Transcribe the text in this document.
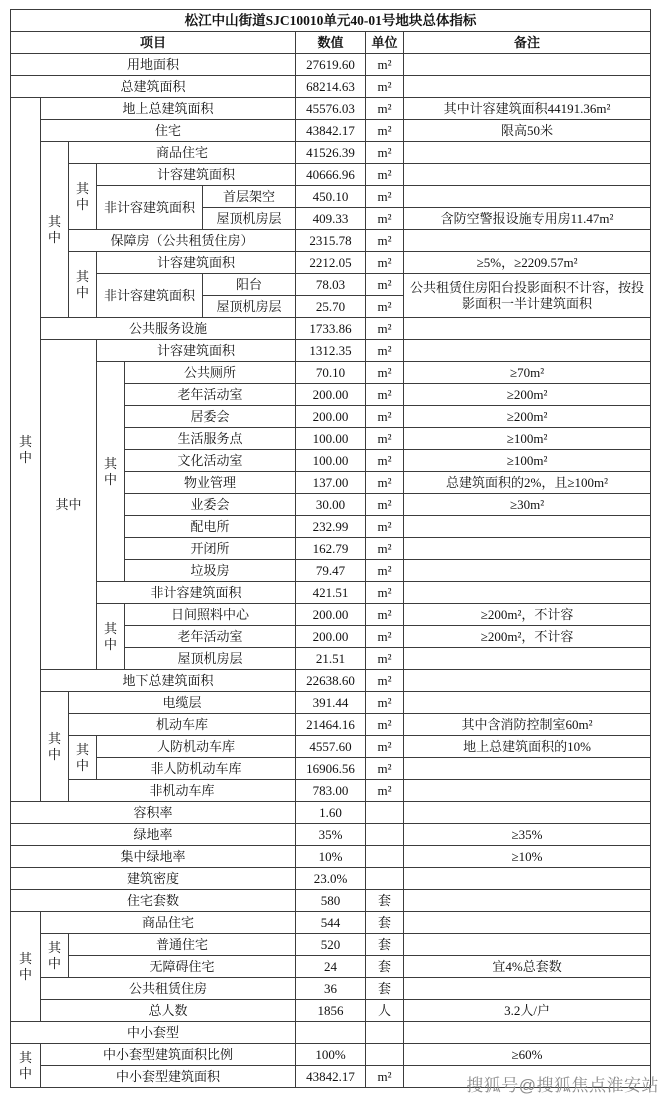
松江中山街道SJC10010单元40-01号地块总体指标								
项目						数值	单位	备注
用地面积						27619.60	m²	
总建筑面积						68214.63	m²	
其中	地上总建筑面积					45576.03	m²	其中计容建筑面积44191.36m²
	住宅					43842.17	m²	限高50米
	其中	商品住宅				41526.39	m²	
		其中	计容建筑面积			40666.96	m²	
			非计容建筑面积		首层架空	450.10	m²	
					屋顶机房层	409.33	m²	含防空警报设施专用房11.47m²
		保障房（公共租赁住房）				2315.78	m²	
		其中	计容建筑面积			2212.05	m²	≥5%，≥2209.57m²
			非计容建筑面积		阳台	78.03	m²	公共租赁住房阳台投影面积不计容，按投影面积一半计建筑面积
					屋顶机房层	25.70	m²	
	公共服务设施					1733.86	m²	
	其中		计容建筑面积			1312.35	m²	
			其中	公共厕所		70.10	m²	≥70m²
				老年活动室		200.00	m²	≥200m²
				居委会		200.00	m²	≥200m²
				生活服务点		100.00	m²	≥100m²
				文化活动室		100.00	m²	≥100m²
				物业管理		137.00	m²	总建筑面积的2%，且≥100m²
				业委会		30.00	m²	≥30m²
				配电所		232.99	m²	
				开闭所		162.79	m²	
				垃圾房		79.47	m²	
			非计容建筑面积			421.51	m²	
			其中	日间照料中心		200.00	m²	≥200m²，不计容
				老年活动室		200.00	m²	≥200m²，不计容
				屋顶机房层		21.51	m²	
	地下总建筑面积					22638.60	m²	
	其中	电缆层				391.44	m²	
		机动车库				21464.16	m²	其中含消防控制室60m²
		其中	人防机动车库			4557.60	m²	地上总建筑面积的10%
			非人防机动车库			16906.56	m²	
		非机动车库				783.00	m²	
容积率						1.60		
绿地率						35%		≥35%
集中绿地率						10%		≥10%
建筑密度						23.0%		
住宅套数						580	套	
其中	商品住宅					544	套	
	其中	普通住宅				520	套	
		无障碍住宅				24	套	宜4%总套数
	公共租赁住房					36	套	
	总人数					1856	人	3.2人/户
中小套型								
其中	中小套型建筑面积比例					100%		≥60%
	中小套型建筑面积					43842.17	m²		搜狐号@搜狐焦点淮安站
